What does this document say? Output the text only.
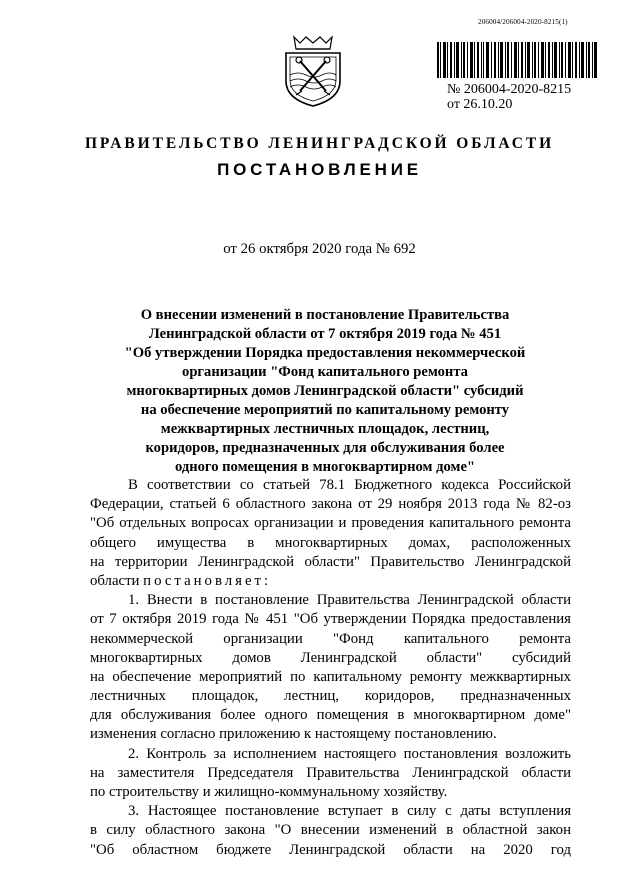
206004/206004-2020-8215(1)
№ 206004-2020-8215
от 26.10.20
ПРАВИТЕЛЬСТВО ЛЕНИНГРАДСКОЙ ОБЛАСТИ
ПОСТАНОВЛЕНИЕ
от 26 октября 2020 года № 692
О внесении изменений в постановление Правительства
Ленинградской области от 7 октября 2019 года № 451
"Об утверждении Порядка предоставления некоммерческой
организации "Фонд капитального ремонта
многоквартирных домов Ленинградской области" субсидий
на обеспечение мероприятий по капитальному ремонту
межквартирных лестничных площадок, лестниц,
коридоров, предназначенных для обслуживания более
одного помещения в многоквартирном доме"
В соответствии со статьей 78.1 Бюджетного кодекса Российской
Федерации, статьей 6 областного закона от 29 ноября 2013 года № 82-оз
"Об отдельных вопросах организации и проведения капитального ремонта
общего имущества в многоквартирных домах, расположенных
на территории Ленинградской области" Правительство Ленинградской
области постановляет:
1. Внести в постановление Правительства Ленинградской области
от 7 октября 2019 года № 451 "Об утверждении Порядка предоставления
некоммерческой организации "Фонд капитального ремонта
многоквартирных домов Ленинградской области" субсидий
на обеспечение мероприятий по капитальному ремонту межквартирных
лестничных площадок, лестниц, коридоров, предназначенных
для обслуживания более одного помещения в многоквартирном доме"
изменения согласно приложению к настоящему постановлению.
2. Контроль за исполнением настоящего постановления возложить
на заместителя Председателя Правительства Ленинградской области
по строительству и жилищно-коммунальному хозяйству.
3. Настоящее постановление вступает в силу с даты вступления
в силу областного закона "О внесении изменений в областной закон
"Об областном бюджете Ленинградской области на 2020 год
